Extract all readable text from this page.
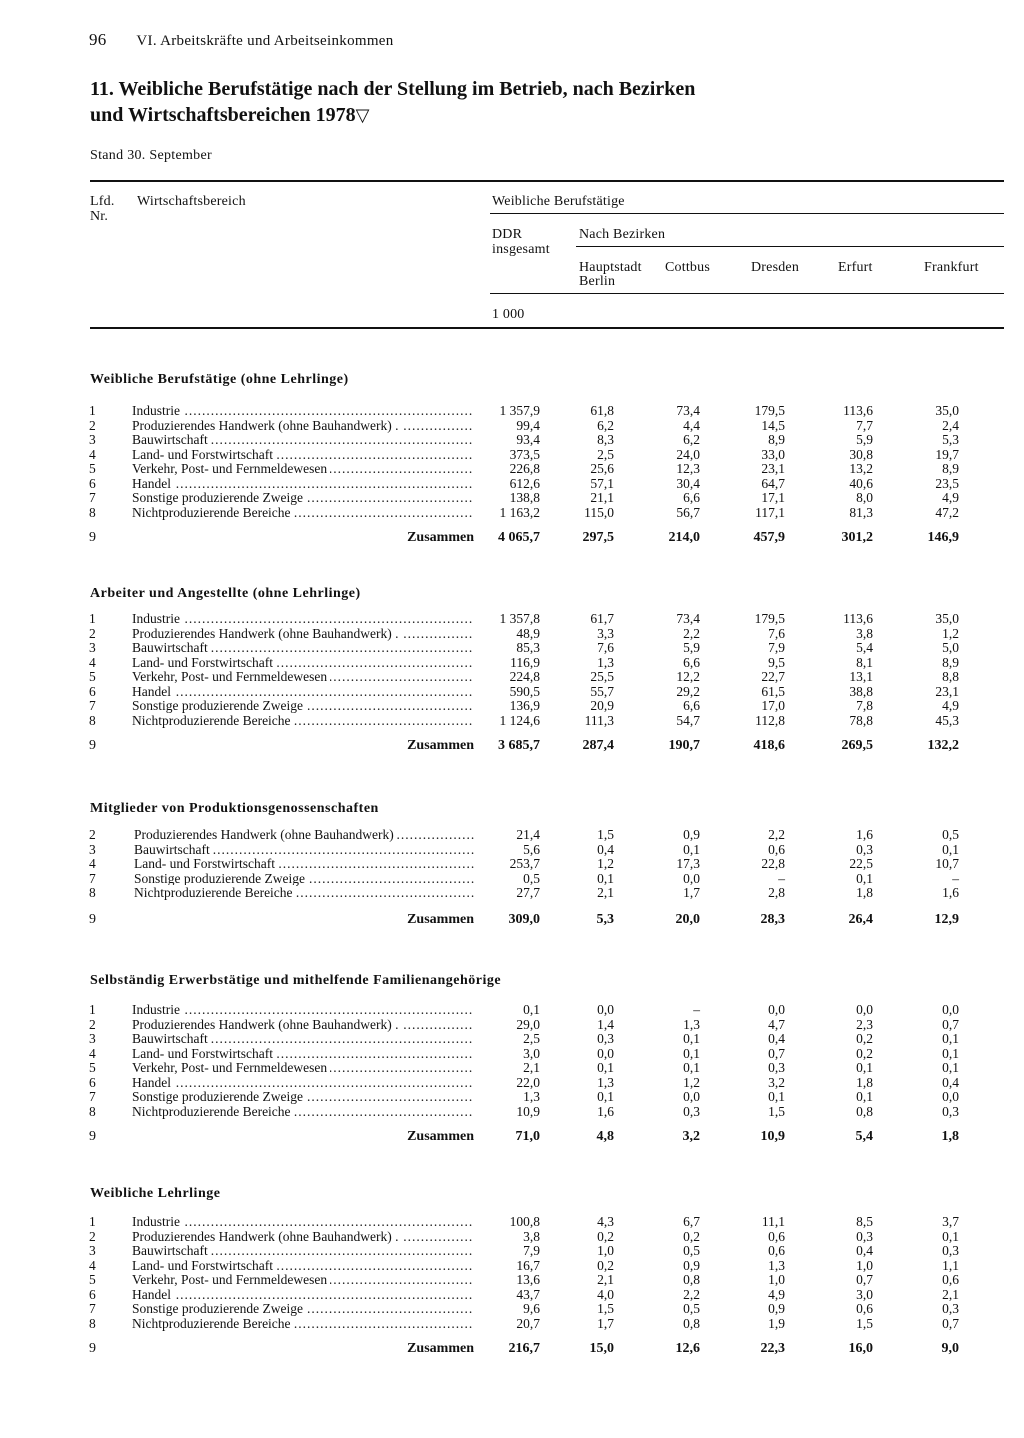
96 VI. Arbeitskräfte und Arbeitseinkommen
11. Weibliche Berufstätige nach der Stellung im Betrieb, nach Bezirken
und Wirtschaftsbereichen 1978▽
Stand 30. September
Lfd.
Nr.
Wirtschaftsbereich	Weibliche Berufstätige
DDR
insgesamt
Nach Bezirken
Hauptstadt
Berlin
Cottbus	Dresden	Erfurt	Frankfurt
1 000
Weibliche Berufstätige (ohne Lehrlinge)
1	Industrie .....	1 357,9	61,8	73,4	179,5	113,6	35,0
2	Produzierendes Handwerk (ohne Bauhandwerk) . .....	99,4	6,2	4,4	14,5	7,7	2,4
3	Bauwirtschaft .....	93,4	8,3	6,2	8,9	5,9	5,3
4	Land- und Forstwirtschaft .....	373,5	2,5	24,0	33,0	30,8	19,7
5	Verkehr, Post- und Fernmeldewesen .....	226,8	25,6	12,3	23,1	13,2	8,9
6	Handel .....	612,6	57,1	30,4	64,7	40,6	23,5
7	Sonstige produzierende Zweige .....	138,8	21,1	6,6	17,1	8,0	4,9
8	Nichtproduzierende Bereiche .....	1 163,2	115,0	56,7	117,1	81,3	47,2
9	Zusammen 4 065,7	297,5	214,0	457,9	301,2	146,9
Arbeiter und Angestellte (ohne Lehrlinge)
1	Industrie .....	1 357,8	61,7	73,4	179,5	113,6	35,0
2	Produzierendes Handwerk (ohne Bauhandwerk) . .....	48,9	3,3	2,2	7,6	3,8	1,2
3	Bauwirtschaft .....	85,3	7,6	5,9	7,9	5,4	5,0
4	Land- und Forstwirtschaft .....	116,9	1,3	6,6	9,5	8,1	8,9
5	Verkehr, Post- und Fernmeldewesen .....	224,8	25,5	12,2	22,7	13,1	8,8
6	Handel .....	590,5	55,7	29,2	61,5	38,8	23,1
7	Sonstige produzierende Zweige .....	136,9	20,9	6,6	17,0	7,8	4,9
8	Nichtproduzierende Bereiche .....	1 124,6	111,3	54,7	112,8	78,8	45,3
9	Zusammen 3 685,7	287,4	190,7	418,6	269,5	132,2
Mitglieder von Produktionsgenossenschaften
2	Produzierendes Handwerk (ohne Bauhandwerk) .....	21,4	1,5	0,9	2,2	1,6	0,5
3	Bauwirtschaft .....	5,6	0,4	0,1	0,6	0,3	0,1
4	Land- und Forstwirtschaft .....	253,7	1,2	17,3	22,8	22,5	10,7
7	Sonstige produzierende Zweige .....	0,5	0,1	0,0	–	0,1	–
8	Nichtproduzierende Bereiche .....	27,7	2,1	1,7	2,8	1,8	1,6
9	Zusammen 309,0	5,3	20,0	28,3	26,4	12,9
Selbständig Erwerbstätige und mithelfende Familienangehörige
1	Industrie .....	0,1	0,0	–	0,0	0,0	0,0
2	Produzierendes Handwerk (ohne Bauhandwerk) . .....	29,0	1,4	1,3	4,7	2,3	0,7
3	Bauwirtschaft .....	2,5	0,3	0,1	0,4	0,2	0,1
4	Land- und Forstwirtschaft .....	3,0	0,0	0,1	0,7	0,2	0,1
5	Verkehr, Post- und Fernmeldewesen .....	2,1	0,1	0,1	0,3	0,1	0,1
6	Handel .....	22,0	1,3	1,2	3,2	1,8	0,4
7	Sonstige produzierende Zweige .....	1,3	0,1	0,0	0,1	0,1	0,0
8	Nichtproduzierende Bereiche .....	10,9	1,6	0,3	1,5	0,8	0,3
9	Zusammen	71,0	4,8	3,2	10,9	5,4	1,8
Weibliche Lehrlinge
1	Industrie .....	100,8	4,3	6,7	11,1	8,5	3,7
2	Produzierendes Handwerk (ohne Bauhandwerk) . .....	3,8	0,2	0,2	0,6	0,3	0,1
3	Bauwirtschaft .....	7,9	1,0	0,5	0,6	0,4	0,3
4	Land- und Forstwirtschaft .....	16,7	0,2	0,9	1,3	1,0	1,1
5	Verkehr, Post- und Fernmeldewesen .....	13,6	2,1	0,8	1,0	0,7	0,6
6	Handel .....	43,7	4,0	2,2	4,9	3,0	2,1
7	Sonstige produzierende Zweige .....	9,6	1,5	0,5	0,9	0,6	0,3
8	Nichtproduzierende Bereiche .....	20,7	1,7	0,8	1,9	1,5	0,7
9	Zusammen 216,7	15,0	12,6	22,3	16,0	9,0
